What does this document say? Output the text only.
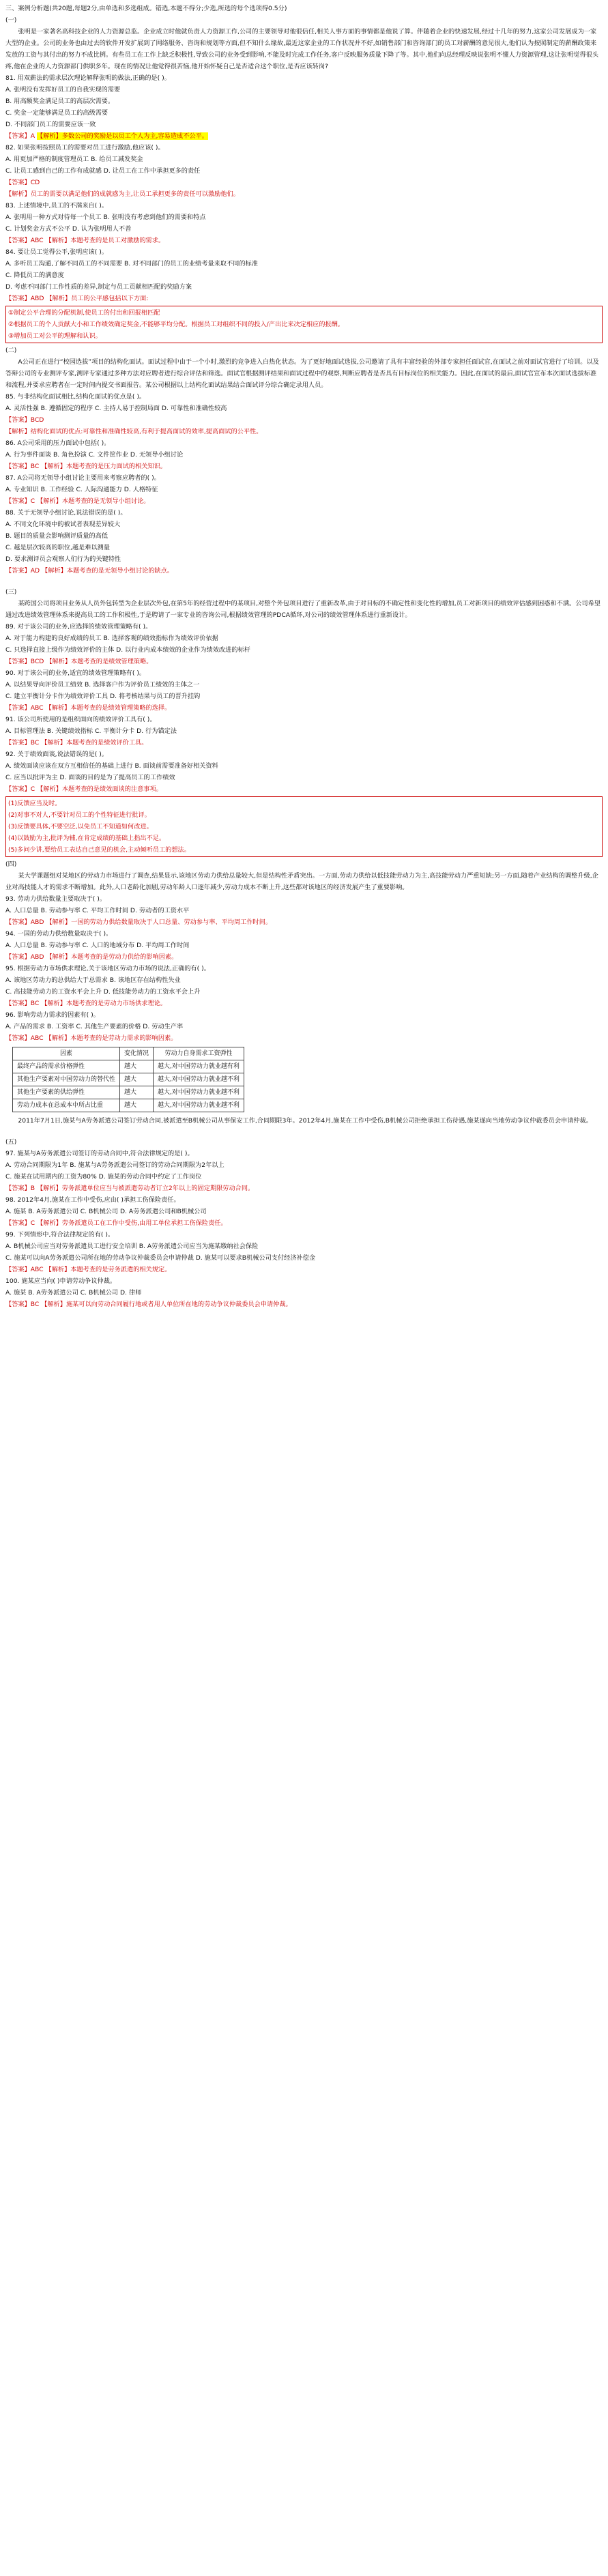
三、案例分析题(共20题,每题2分,由单选和多选组成。错选,本题不得分;少选,所选的每个选项得0.5分)

(一)

张明是一家著名高科技企业的人力资源总监。企业成立时他就负责人力资源工作,公司的主要领导对他很信任,相关人事方面的事情都是他说了算。伴随着企业的快速发展,经过十几年的努力,这家公司发展成为一家大型的企业。公司的业务也由过去的软件开发扩展到了网络服务、咨询和规划等方面,但不知什么缘故,最近这家企业的工作状况并不好,如销售部门和咨询部门的员工对薪酬的意见很大,他们认为按照制定的薪酬政策来发放的工资与其付出的努力不成比例。有些员工在工作上缺乏积极性,导致公司的业务受到影响,不能及时完成工作任务,客户反映服务质量下降了等。其中,他们向总经理反映说张明不懂人力资源管理,这让张明觉得很头疼,他在企业的人力资源部门供职多年。现在的情况让他觉得很苦恼,他开始怀疑自己是否适合这个职位,是否应该转岗?

81. 用双薪法的需求层次理论解释张明的做法,正确的是( )。

A. 张明没有发挥好员工的自我实现的需要

B. 用高额奖金满足员工的高层次需要。

C. 奖金一定能够满足员工的高级需要

D. 不同部门员工的需要应该一致

【答案】A 【解析】多数公司的奖励是以员工个人为主,容易造成不公平。

82. 如果张明按照员工的需要对员工进行激励,他应该( )。

A. 用更加严格的制度管理员工 B. 给员工减发奖金

C. 让员工感到自己的工作有成就感 D. 让员工在工作中承担更多的责任

【答案】CD

【解析】员工的需要以满足他们的成就感为主,让员工承担更多的责任可以激励他们。

83. 上述情境中,员工的不满来自( )。

A. 张明用一种方式对待每一个员工 B. 张明没有考虑到他们的需要和特点

C. 计划奖金方式不公平 D. 认为张明用人不善

【答案】ABC 【解析】本题考查的是员工对激励的需求。

84. 要让员工觉得公平,张明应该( )。

A. 多听员工沟通,了解不同员工的不同需要 B. 对不同部门的员工的业绩考量来取不同的标准

C. 降低员工的满意度

D. 考虑不同部门工作性质的差异,制定与员工贡献相匹配的奖励方案

【答案】ABD 【解析】员工的公平感包括以下方面:

①制定公平合理的分配机制,使员工的付出和回报相匹配

②根据员工的个人贡献大小和工作绩效确定奖金,不能够平均分配。根据员工对组织不同的投入/产出比来决定相应的报酬。

③增加员工对公平的理解和认识。

(二)

A公司正在进行“校园选拔”项目的结构化面试。面试过程中由于一个小时,激烈的竞争进入白热化状态。为了更好地面试选拔,公司邀请了具有丰富经验的外部专家担任面试官,在面试之前对面试官进行了培训。以及答辩公司的专业测评专家,测评专家通过多种方法对应聘者进行综合评估和筛选。面试官根据测评结果和面试过程中的观察,判断应聘者是否具有目标岗位的相关能力。因此,在面试的最后,面试官宣布本次面试选拔标准和流程,并要求应聘者在一定时间内提交书面报告。某公司根据以上结构化面试结果结合面试评分综合确定录用人员。

85. 与非结构化面试相比,结构化面试的优点是( )。

A. 灵活性强 B. 遵循固定的程序 C. 主持人易于控制局面 D. 可靠性和准确性较高

【答案】BCD

【解析】结构化面试的优点:可靠性和准确性较高,有利于提高面试的效率,提高面试的公平性。

86. A公司采用的压力面试中包括( )。

A. 行为事件面谈 B. 角色扮演 C. 文件筐作业 D. 无领导小组讨论

【答案】BC 【解析】本题考查的是压力面试的相关知识。

87. A公司将无领导小组讨论主要用来考察应聘者的( )。

A. 专业知识 B. 工作经验 C. 人际沟通能力 D. 人格特征

【答案】C 【解析】本题考查的是无领导小组讨论。

88. 关于无领导小组讨论,说法错误的是( )。

A. 不同文化环境中的被试者表现差异较大

B. 题目的质量会影响测评质量的高低

C. 越是层次较高的职位,越是难以测量

D. 要求测评员会观察人们行为的关键特性

【答案】AD 【解析】本题考查的是无领导小组讨论的缺点。

(三)

某跨国公司将项目业务从人员外包转型为企业层次外包,在第5年的经营过程中的某项目,对整个外包项目进行了重新改革,由于对目标的不确定性和变化性的增加,员工对新项目的绩效评估感到困惑和不满。公司希望通过改进绩效管理体系来提高员工的工作积极性,于是聘请了一家专业的咨询公司,根据绩效管理的PDCA循环,对公司的绩效管理体系进行重新设计。

89. 对于该公司的业务,应选择的绩效管理策略有( )。

A. 对于能力构建的良好成绩的员工 B. 选择客观的绩效指标作为绩效评价依据

C. 只选择直接上级作为绩效评价的主体 D. 以行业内成本绩效的企业作为绩效改进的标杆

【答案】BCD 【解析】本题考查的是绩效管理策略。

90. 对于该公司的业务,适宜的绩效管理策略有( )。

A. 以结果导向评价员工绩效 B. 选择客户作为评价员工绩效的主体之一

C. 建立平衡计分卡作为绩效评价工具 D. 将考核结果与员工的晋升挂钩

【答案】ABC 【解析】本题考查的是绩效管理策略的选择。

91. 该公司所使用的是组织面向的绩效评价工具有( )。

A. 目标管理法 B. 关键绩效指标 C. 平衡计分卡 D. 行为锚定法

【答案】BC 【解析】本题考查的是绩效评价工具。

92. 关于绩效面谈,说法错误的是( )。

A. 绩效面谈应该在双方互相信任的基础上进行 B. 面谈前需要准备好相关资料

C. 应当以批评为主 D. 面谈的目的是为了提高员工的工作绩效

【答案】C 【解析】本题考查的是绩效面谈的注意事项。

(1)反馈应当及时。

(2)对事不对人,不要针对员工的个性特征进行批评。

(3)反馈要具体,不要空泛,以免员工不知道如何改进。

(4)以鼓励为主,批评为辅,在肯定成绩的基础上指出不足。

(5)多问少讲,要给员工表达自己意见的机会,主动倾听员工的想法。

(四)

某大学课题组对某地区的劳动力市场进行了调查,结果显示,该地区劳动力供给总量较大,但是结构性矛盾突出。一方面,劳动力供给以低技能劳动力为主,高技能劳动力严重短缺;另一方面,随着产业结构的调整升级,企业对高技能人才的需求不断增加。此外,人口老龄化加剧,劳动年龄人口逐年减少,劳动力成本不断上升,这些都对该地区的经济发展产生了重要影响。

93. 劳动力供给数量主要取决于( )。

A. 人口总量 B. 劳动参与率 C. 平均工作时间 D. 劳动者的工资水平

【答案】ABD 【解析】一国的劳动力供给数量取决于人口总量、劳动参与率、平均周工作时间。

94. 一国的劳动力供给数量取决于( )。

A. 人口总量 B. 劳动参与率 C. 人口的地域分布 D. 平均周工作时间

【答案】ABD 【解析】本题考查的是劳动力供给的影响因素。

95. 根据劳动力市场供求理论,关于该地区劳动力市场的说法,正确的有( )。

A. 该地区劳动力的总供给大于总需求 B. 该地区存在结构性失业

C. 高技能劳动力的工资水平会上升 D. 低技能劳动力的工资水平会上升

【答案】BC 【解析】本题考查的是劳动力市场供求理论。

96. 影响劳动力需求的因素有( )。

A. 产品的需求 B. 工资率 C. 其他生产要素的价格 D. 劳动生产率

【答案】ABC 【解析】本题考查的是劳动力需求的影响因素。

因素	变化情况	劳动力自身需求工资弹性
最终产品的需求价格弹性	越大	越大,对中国劳动力就业越有利
其他生产要素对中国劳动力的替代性	越大	越大,对中国劳动力就业越不利
其他生产要素的供给弹性	越大	越大,对中国劳动力就业越不利
劳动力成本在总成本中所占比重	越大	越大,对中国劳动力就业越不利

2011年7月1日,施某与A劳务派遣公司签订劳动合同,被派遣至B机械公司从事保安工作,合同期限3年。2012年4月,施某在工作中受伤,B机械公司拒绝承担工伤待遇,施某遂向当地劳动争议仲裁委员会申请仲裁。

(五)

97. 施某与A劳务派遣公司签订的劳动合同中,符合法律规定的是( )。

A. 劳动合同期限为1年 B. 施某与A劳务派遣公司签订的劳动合同期限为2年以上

C. 施某在试用期内的工资为80% D. 施某的劳动合同中约定了工作岗位

【答案】B 【解析】劳务派遣单位应当与被派遣劳动者订立2年以上的固定期限劳动合同。

98. 2012年4月,施某在工作中受伤,应由( )承担工伤保险责任。

A. 施某 B. A劳务派遣公司 C. B机械公司 D. A劳务派遣公司和B机械公司

【答案】C 【解析】劳务派遣员工在工作中受伤,由用工单位承担工伤保险责任。

99. 下列情形中,符合法律规定的有( )。

A. B机械公司应当对劳务派遣员工进行安全培训 B. A劳务派遣公司应当为施某缴纳社会保险

C. 施某可以向A劳务派遣公司所在地的劳动争议仲裁委员会申请仲裁 D. 施某可以要求B机械公司支付经济补偿金

【答案】ABC 【解析】本题考查的是劳务派遣的相关规定。

100. 施某应当向( )申请劳动争议仲裁。

A. 施某 B. A劳务派遣公司 C. B机械公司 D. 律师

【答案】BC 【解析】施某可以向劳动合同履行地或者用人单位所在地的劳动争议仲裁委员会申请仲裁。
